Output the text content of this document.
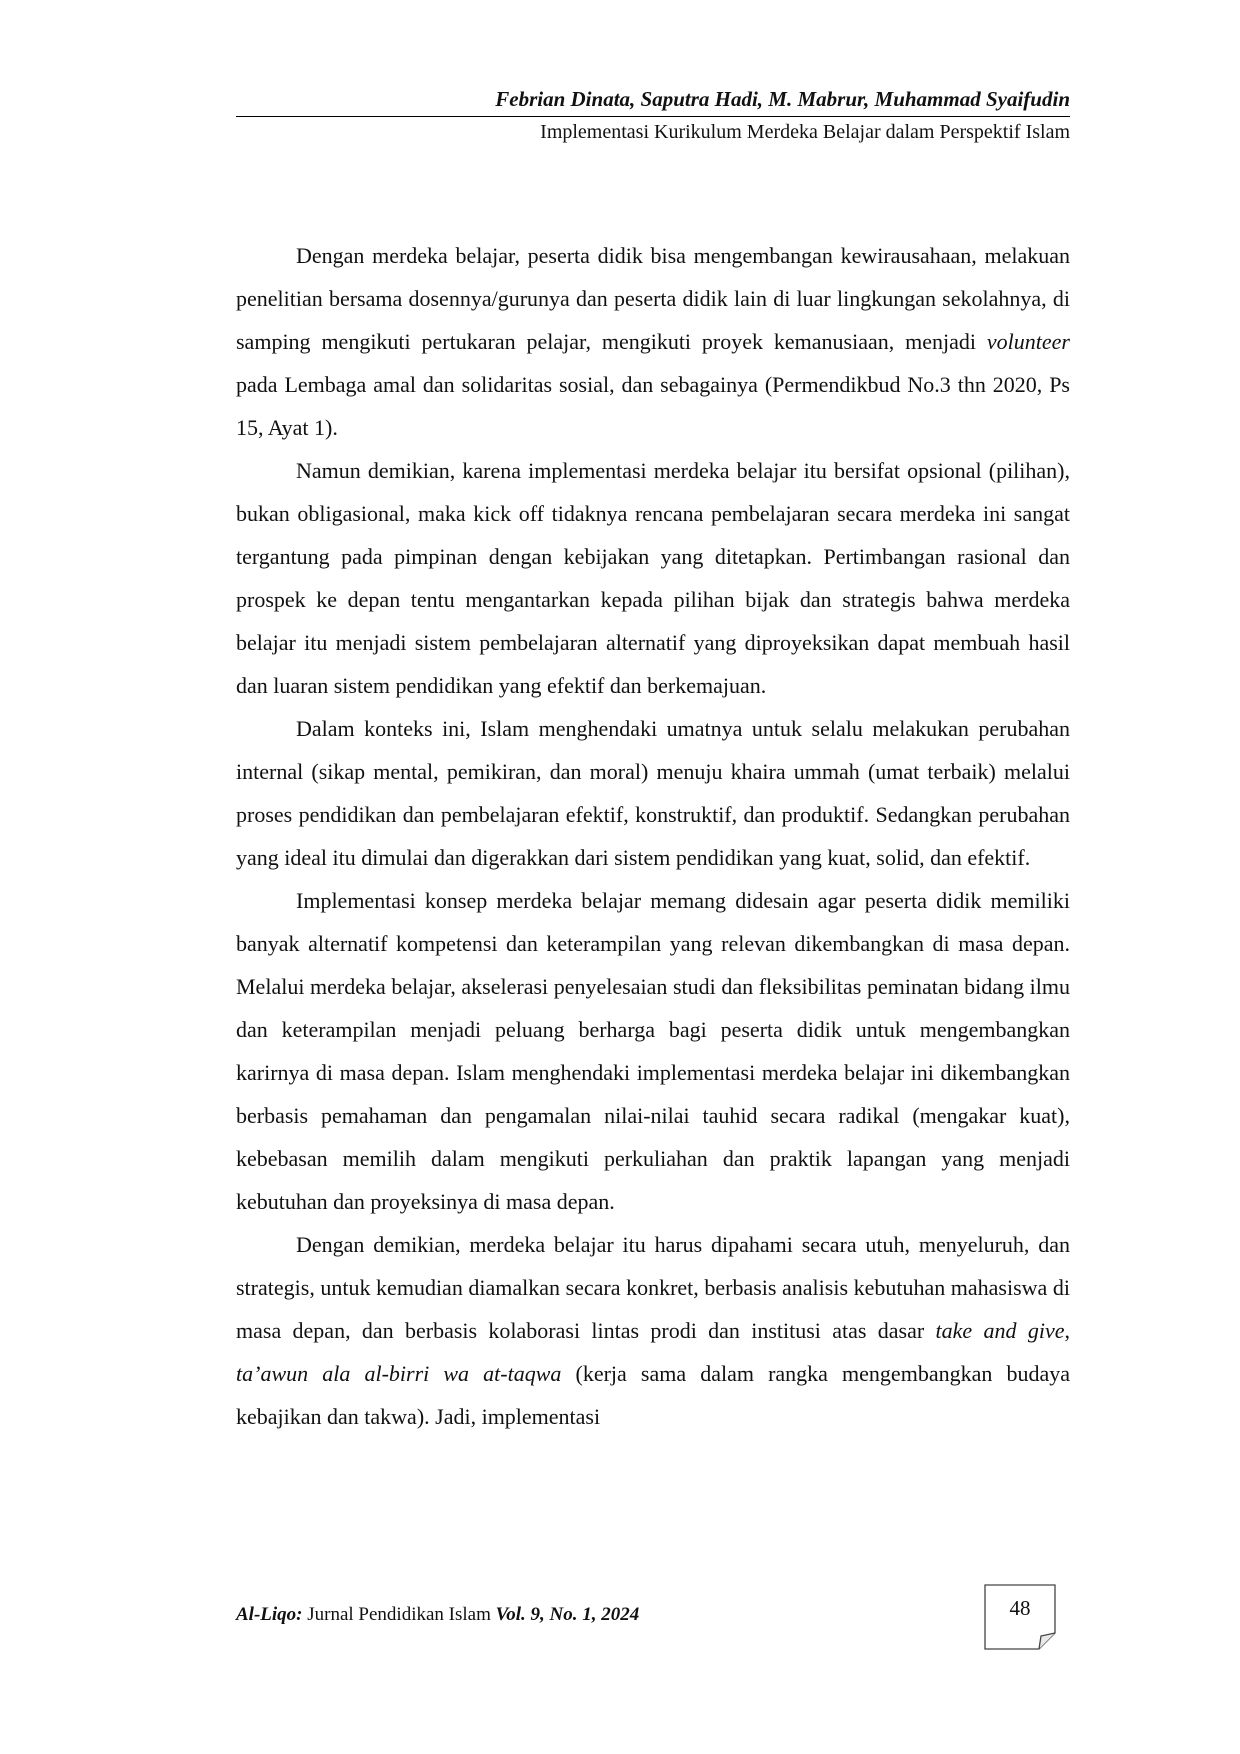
Febrian Dinata, Saputra Hadi, M. Mabrur, Muhammad Syaifudin
Implementasi Kurikulum Merdeka Belajar dalam Perspektif Islam

Dengan merdeka belajar, peserta didik bisa mengembangan kewirausahaan, melakuan penelitian bersama dosennya/gurunya dan peserta didik lain di luar lingkungan sekolahnya, di samping mengikuti pertukaran pelajar, mengikuti proyek kemanusiaan, menjadi volunteer pada Lembaga amal dan solidaritas sosial, dan sebagainya (Permendikbud No.3 thn 2020, Ps 15, Ayat 1).

Namun demikian, karena implementasi merdeka belajar itu bersifat opsional (pilihan), bukan obligasional, maka kick off tidaknya rencana pembelajaran secara merdeka ini sangat tergantung pada pimpinan dengan kebijakan yang ditetapkan. Pertimbangan rasional dan prospek ke depan tentu mengantarkan kepada pilihan bijak dan strategis bahwa merdeka belajar itu menjadi sistem pembelajaran alternatif yang diproyeksikan dapat membuah hasil dan luaran sistem pendidikan yang efektif dan berkemajuan.

Dalam konteks ini, Islam menghendaki umatnya untuk selalu melakukan perubahan internal (sikap mental, pemikiran, dan moral) menuju khaira ummah (umat terbaik) melalui proses pendidikan dan pembelajaran efektif, konstruktif, dan produktif. Sedangkan perubahan yang ideal itu dimulai dan digerakkan dari sistem pendidikan yang kuat, solid, dan efektif.

Implementasi konsep merdeka belajar memang didesain agar peserta didik memiliki banyak alternatif kompetensi dan keterampilan yang relevan dikembangkan di masa depan. Melalui merdeka belajar, akselerasi penyelesaian studi dan fleksibilitas peminatan bidang ilmu dan keterampilan menjadi peluang berharga bagi peserta didik untuk mengembangkan karirnya di masa depan. Islam menghendaki implementasi merdeka belajar ini dikembangkan berbasis pemahaman dan pengamalan nilai-nilai tauhid secara radikal (mengakar kuat), kebebasan memilih dalam mengikuti perkuliahan dan praktik lapangan yang menjadi kebutuhan dan proyeksinya di masa depan.

Dengan demikian, merdeka belajar itu harus dipahami secara utuh, menyeluruh, dan strategis, untuk kemudian diamalkan secara konkret, berbasis analisis kebutuhan mahasiswa di masa depan, dan berbasis kolaborasi lintas prodi dan institusi atas dasar take and give, ta’awun ala al-birri wa at-taqwa (kerja sama dalam rangka mengembangkan budaya kebajikan dan takwa). Jadi, implementasi

Al-Liqo: Jurnal Pendidikan Islam Vol. 9, No. 1, 2024	48
